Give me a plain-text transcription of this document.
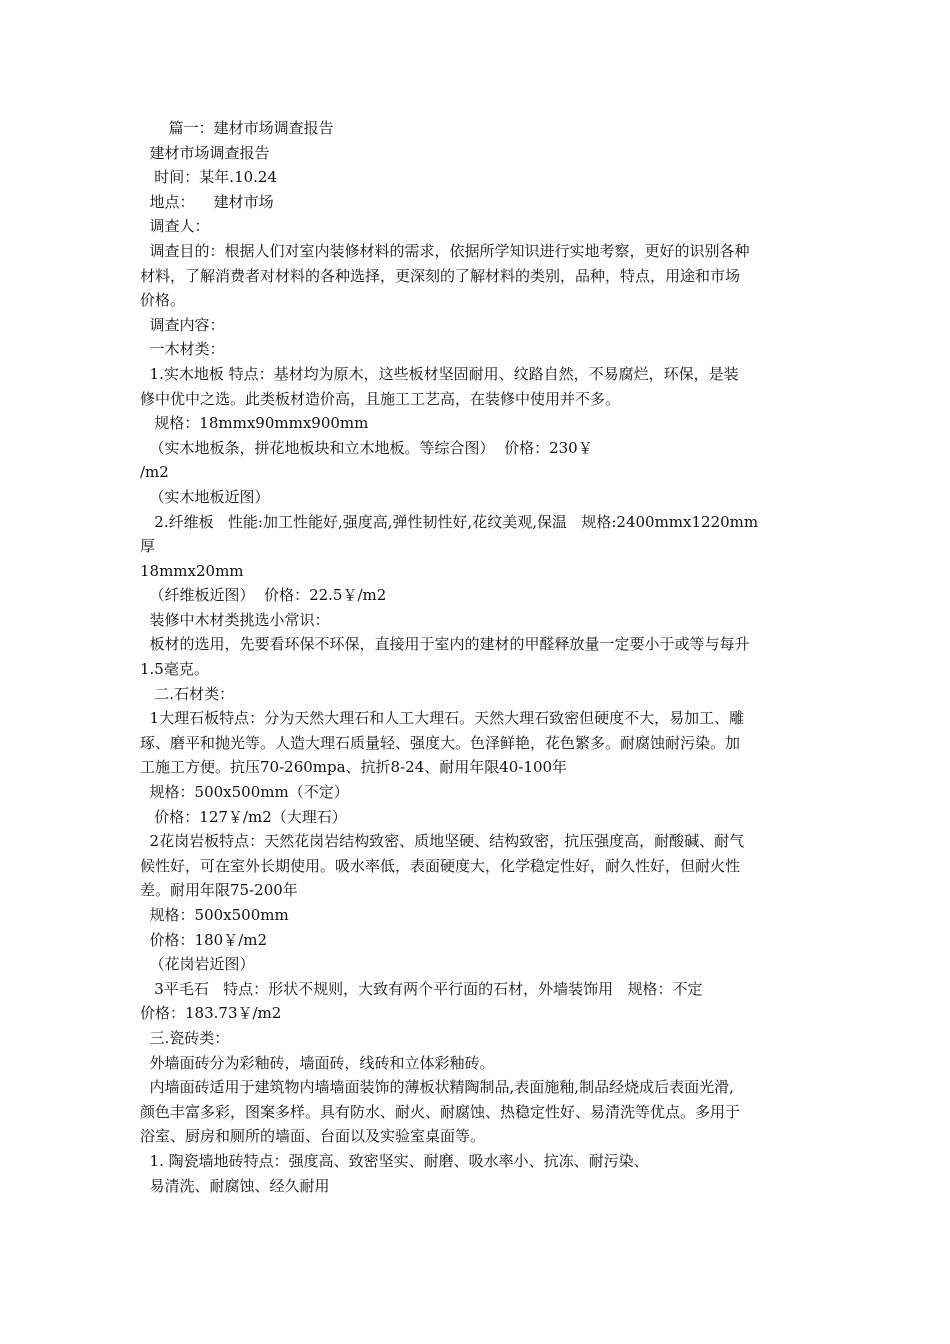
篇一：建材市场调查报告
建材市场调查报告
时间：某年.10.24
地点：    建材市场
调查人：
调查目的：根据人们对室内装修材料的需求，依据所学知识进行实地考察，更好的识别各种
材料，了解消费者对材料的各种选择，更深刻的了解材料的类别，品种，特点，用途和市场
价格。
调查内容：
一木材类：
1.实木地板 特点：基材均为原木，这些板材坚固耐用、纹路自然，不易腐烂，环保，是装
修中优中之选。此类板材造价高，且施工工艺高，在装修中使用并不多。
规格：18mmx90mmx900mm
（实木地板条，拼花地板块和立木地板。等综合图）  价格：230￥
/m2
（实木地板近图）
2.纤维板   性能:加工性能好,强度高,弹性韧性好,花纹美观,保温   规格:2400mmx1220mm
厚
18mmx20mm
（纤维板近图）  价格：22.5￥/m2
装修中木材类挑选小常识：
板材的选用，先要看环保不环保，直接用于室内的建材的甲醛释放量一定要小于或等与每升
1.5毫克。
二.石材类：
1大理石板特点：分为天然大理石和人工大理石。天然大理石致密但硬度不大，易加工、雕
琢、磨平和抛光等。人造大理石质量轻、强度大。色泽鲜艳，花色繁多。耐腐蚀耐污染。加
工施工方便。抗压70-260mpa、抗折8-24、耐用年限40-100年
规格：500x500mm（不定）
价格：127￥/m2（大理石）
2花岗岩板特点：天然花岗岩结构致密、质地坚硬、结构致密，抗压强度高，耐酸碱、耐气
候性好，可在室外长期使用。吸水率低，表面硬度大，化学稳定性好，耐久性好，但耐火性
差。耐用年限75-200年
规格：500x500mm
价格：180￥/m2
（花岗岩近图）
3平毛石   特点：形状不规则，大致有两个平行面的石材，外墙装饰用   规格：不定
价格：183.73￥/m2
三.瓷砖类：
外墙面砖分为彩釉砖，墙面砖，线砖和立体彩釉砖。
内墙面砖适用于建筑物内墙墙面装饰的薄板状精陶制品,表面施釉,制品经烧成后表面光滑,
颜色丰富多彩，图案多样。具有防水、耐火、耐腐蚀、热稳定性好、易清洗等优点。多用于
浴室、厨房和厕所的墙面、台面以及实验室桌面等。
1. 陶瓷墙地砖特点：强度高、致密坚实、耐磨、吸水率小、抗冻、耐污染、
易清洗、耐腐蚀、经久耐用
